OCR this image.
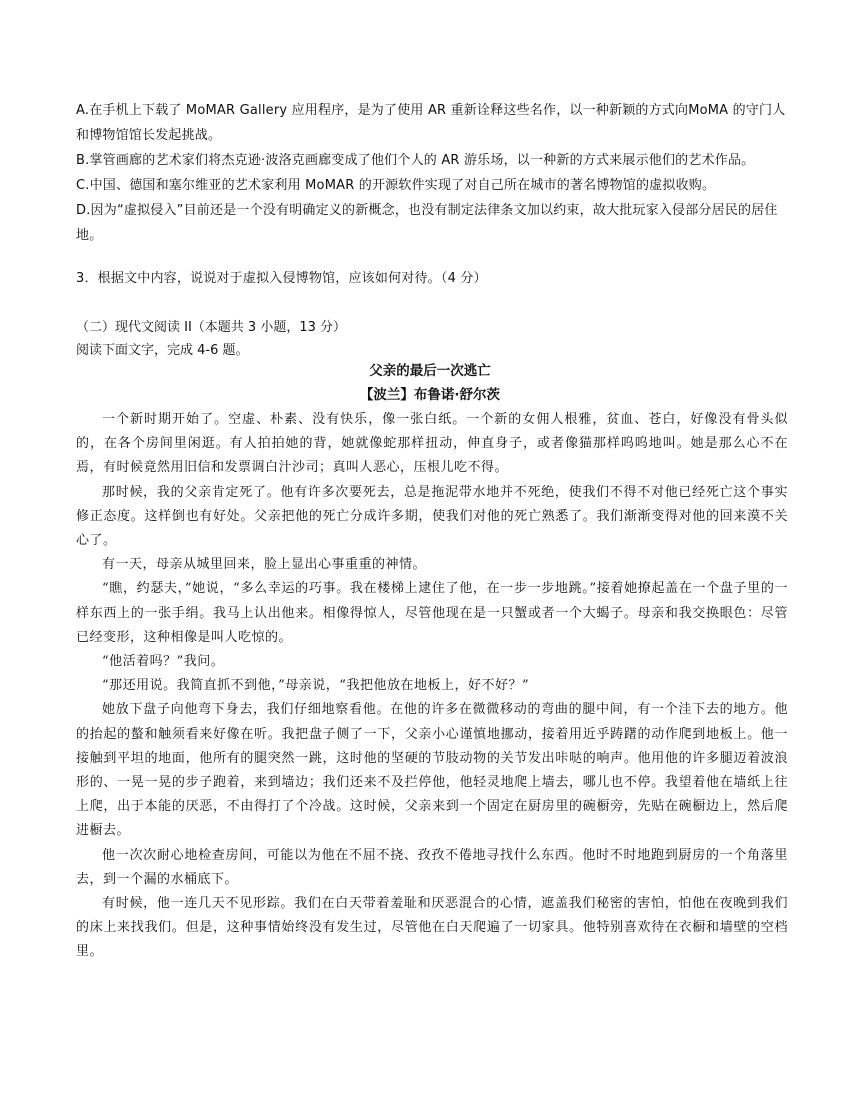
A.在手机上下载了 MoMAR Gallery 应用程序，是为了使用 AR 重新诠释这些名作，以一种新颖的方式向MoMA 的守门人和博物馆馆长发起挑战。

B.掌管画廊的艺术家们将杰克逊·波洛克画廊变成了他们个人的 AR 游乐场，以一种新的方式来展示他们的艺术作品。

C.中国、德国和塞尔维亚的艺术家利用 MoMAR 的开源软件实现了对自己所在城市的著名博物馆的虚拟收购。

D.因为“虚拟侵入”目前还是一个没有明确定义的新概念，也没有制定法律条文加以约束，故大批玩家入侵部分居民的居住地。

3．根据文中内容，说说对于虚拟入侵博物馆，应该如何对待。（4 分）

（二）现代文阅读 II（本题共 3 小题，13 分）

阅读下面文字，完成 4-6 题。

父亲的最后一次逃亡
【波兰】布鲁诺·舒尔茨

一个新时期开始了。空虚、朴素、没有快乐，像一张白纸。一个新的女佣人根雅，贫血、苍白，好像没有骨头似的，在各个房间里闲逛。有人拍拍她的背，她就像蛇那样扭动，伸直身子，或者像猫那样呜呜地叫。她是那么心不在焉，有时候竟然用旧信和发票调白汁沙司；真叫人恶心，压根儿吃不得。

那时候，我的父亲肯定死了。他有许多次要死去，总是拖泥带水地并不死绝，使我们不得不对他已经死亡这个事实修正态度。这样倒也有好处。父亲把他的死亡分成许多期，使我们对他的死亡熟悉了。我们渐渐变得对他的回来漠不关心了。

有一天，母亲从城里回来，脸上显出心事重重的神情。

“瞧，约瑟夫，”她说，“多么幸运的巧事。我在楼梯上逮住了他，在一步一步地跳。”接着她撩起盖在一个盘子里的一样东西上的一张手绢。我马上认出他来。相像得惊人，尽管他现在是一只蟹或者一个大蝎子。母亲和我交换眼色：尽管已经变形，这种相像是叫人吃惊的。

“他活着吗？”我问。

“那还用说。我简直抓不到他，”母亲说，“我把他放在地板上，好不好？”

她放下盘子向他弯下身去，我们仔细地察看他。在他的许多在微微移动的弯曲的腿中间，有一个洼下去的地方。他的抬起的螯和触须看来好像在听。我把盘子侧了一下，父亲小心谨慎地挪动，接着用近乎踌躇的动作爬到地板上。他一接触到平坦的地面，他所有的腿突然一跳，这时他的坚硬的节肢动物的关节发出咔哒的响声。他用他的许多腿迈着波浪形的、一晃一晃的步子跑着，来到墙边；我们还来不及拦停他，他轻灵地爬上墙去，哪儿也不停。我望着他在墙纸上往上爬，出于本能的厌恶，不由得打了个冷战。这时候，父亲来到一个固定在厨房里的碗橱旁，先贴在碗橱边上，然后爬进橱去。

他一次次耐心地检查房间，可能以为他在不屈不挠、孜孜不倦地寻找什么东西。他时不时地跑到厨房的一个角落里去，到一个漏的水桶底下。

有时候，他一连几天不见形踪。我们在白天带着羞耻和厌恶混合的心情，遮盖我们秘密的害怕，怕他在夜晚到我们的床上来找我们。但是，这种事情始终没有发生过，尽管他在白天爬遍了一切家具。他特别喜欢待在衣橱和墙壁的空档里。
